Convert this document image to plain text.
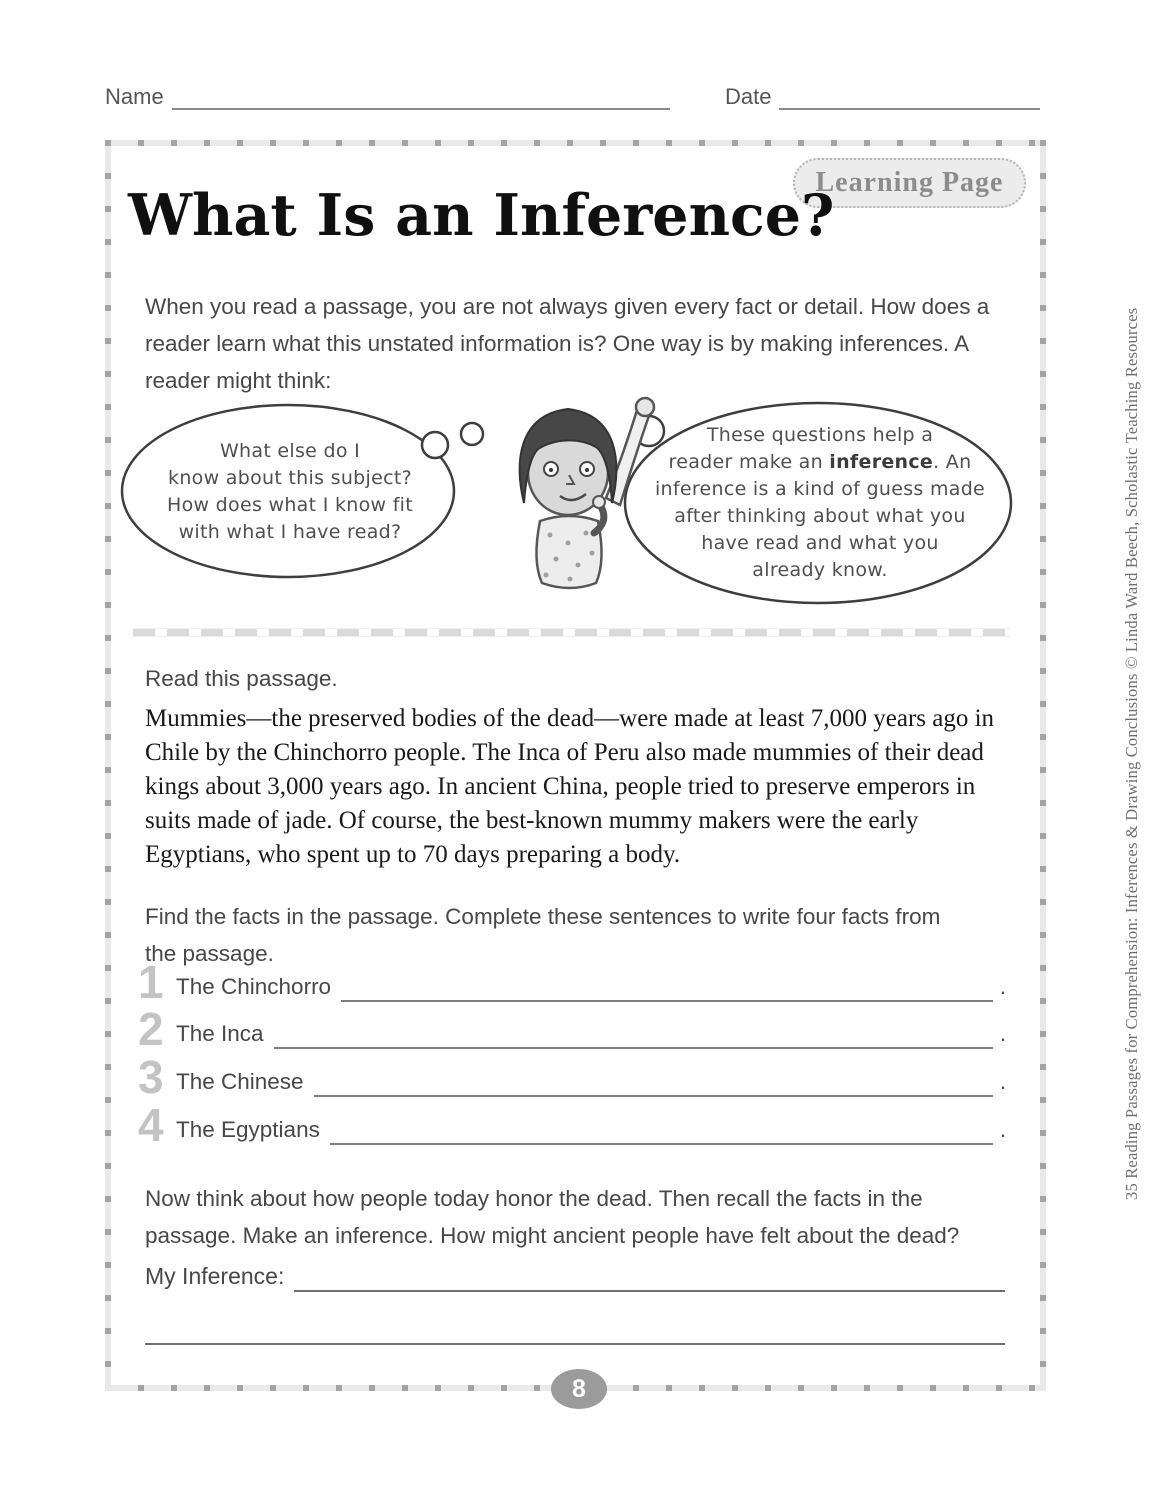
Name	Date
Learning Page
What Is an Inference?
When you read a passage, you are not always given every fact or detail. How does a reader learn what this unstated information is? One way is by making inferences. A reader might think:
What else do I
know about this subject?
How does what I know fit
with what I have read?
These questions help a
reader make an inference. An
inference is a kind of guess made
after thinking about what you
have read and what you
already know.
Read this passage.
Mummies—the preserved bodies of the dead—were made at least 7,000 years ago in Chile by the Chinchorro people. The Inca of Peru also made mummies of their dead kings about 3,000 years ago. In ancient China, people tried to preserve emperors in suits made of jade. Of course, the best-known mummy makers were the early Egyptians, who spent up to 70 days preparing a body.
Find the facts in the passage. Complete these sentences to write four facts from the passage.
1 The Chinchorro	.
2 The Inca	.
3 The Chinese	.
4 The Egyptians	.
Now think about how people today honor the dead. Then recall the facts in the passage. Make an inference. How might ancient people have felt about the dead?
My Inference:
8
35 Reading Passages for Comprehension: Inferences & Drawing Conclusions © Linda Ward Beech, Scholastic Teaching Resources
